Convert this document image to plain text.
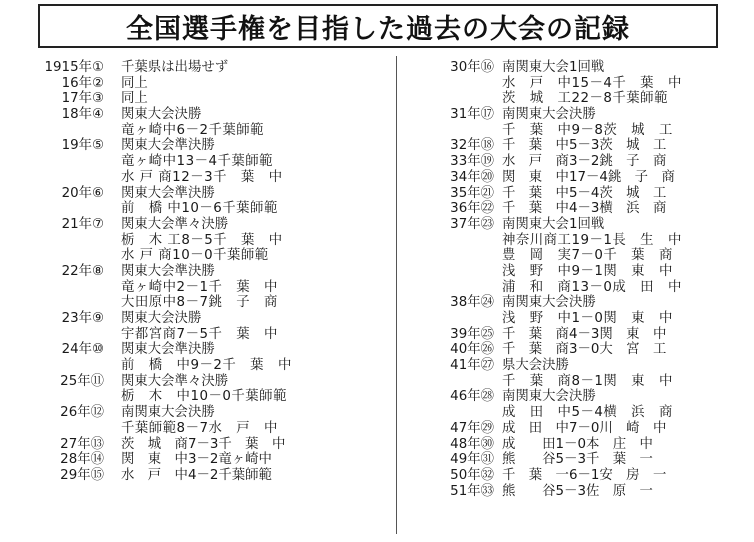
全国選手権を目指した過去の大会の記録
1915年① 千葉県は出場せず
16年② 同上
17年③ 同上
18年④ 関東大会決勝
竜ヶ崎中6－2千葉師範
19年⑤ 関東大会準決勝
竜ヶ崎中13－4千葉師範
水 戸 商12－3千　葉　中
20年⑥ 関東大会準決勝
前　橋 中10－6千葉師範
21年⑦ 関東大会準々決勝
栃　木 工8－5千　葉　中
水 戸 商10－0千葉師範
22年⑧ 関東大会準決勝
竜ヶ崎中2－1千　葉　中
大田原中8－7銚　子　商
23年⑨ 関東大会決勝
宇都宮商7－5千　葉　中
24年⑩ 関東大会準決勝
前　橋　中9－2千　葉　中
25年⑪ 関東大会準々決勝
栃　木　中10－0千葉師範
26年⑫ 南関東大会決勝
千葉師範8－7水　戸　中
27年⑬ 茨　城　商7－3千　葉　中
28年⑭ 関　東　中3－2竜ヶ崎中
29年⑮ 水　戸　中4－2千葉師範
30年⑯ 南関東大会1回戦
水　戸　中15－4千　葉　中
茨　城　工22－8千葉師範
31年⑰ 南関東大会決勝
千　葉　中9－8茨　城　工
32年⑱ 千　葉　中5－3茨　城　工
33年⑲ 水　戸　商3－2銚　子　商
34年⑳ 関　東　中17－4銚　子　商
35年㉑ 千　葉　中5－4茨　城　工
36年㉒ 千　葉　中4－3横　浜　商
37年㉓ 南関東大会1回戦
神奈川商工19－1長　生　中
豊　岡　実7－0千　葉　商
浅　野　中9－1関　東　中
浦　和　商13－0成　田　中
38年㉔ 南関東大会決勝
浅　野　中1－0関　東　中
39年㉕ 千　葉　商4－3関　東　中
40年㉖ 千　葉　商3－0大　宮　工
41年㉗ 県大会決勝
千　葉　商8－1関　東　中
46年㉘ 南関東大会決勝
成　田　中5－4横　浜　商
47年㉙ 成　田　中7－0川　崎　中
48年㉚ 成　　田1－0本　庄　中
49年㉛ 熊　　谷5－3千　葉　一
50年㉜ 千　葉　一6－1安　房　一
51年㉝ 熊　　谷5－3佐　原　一
